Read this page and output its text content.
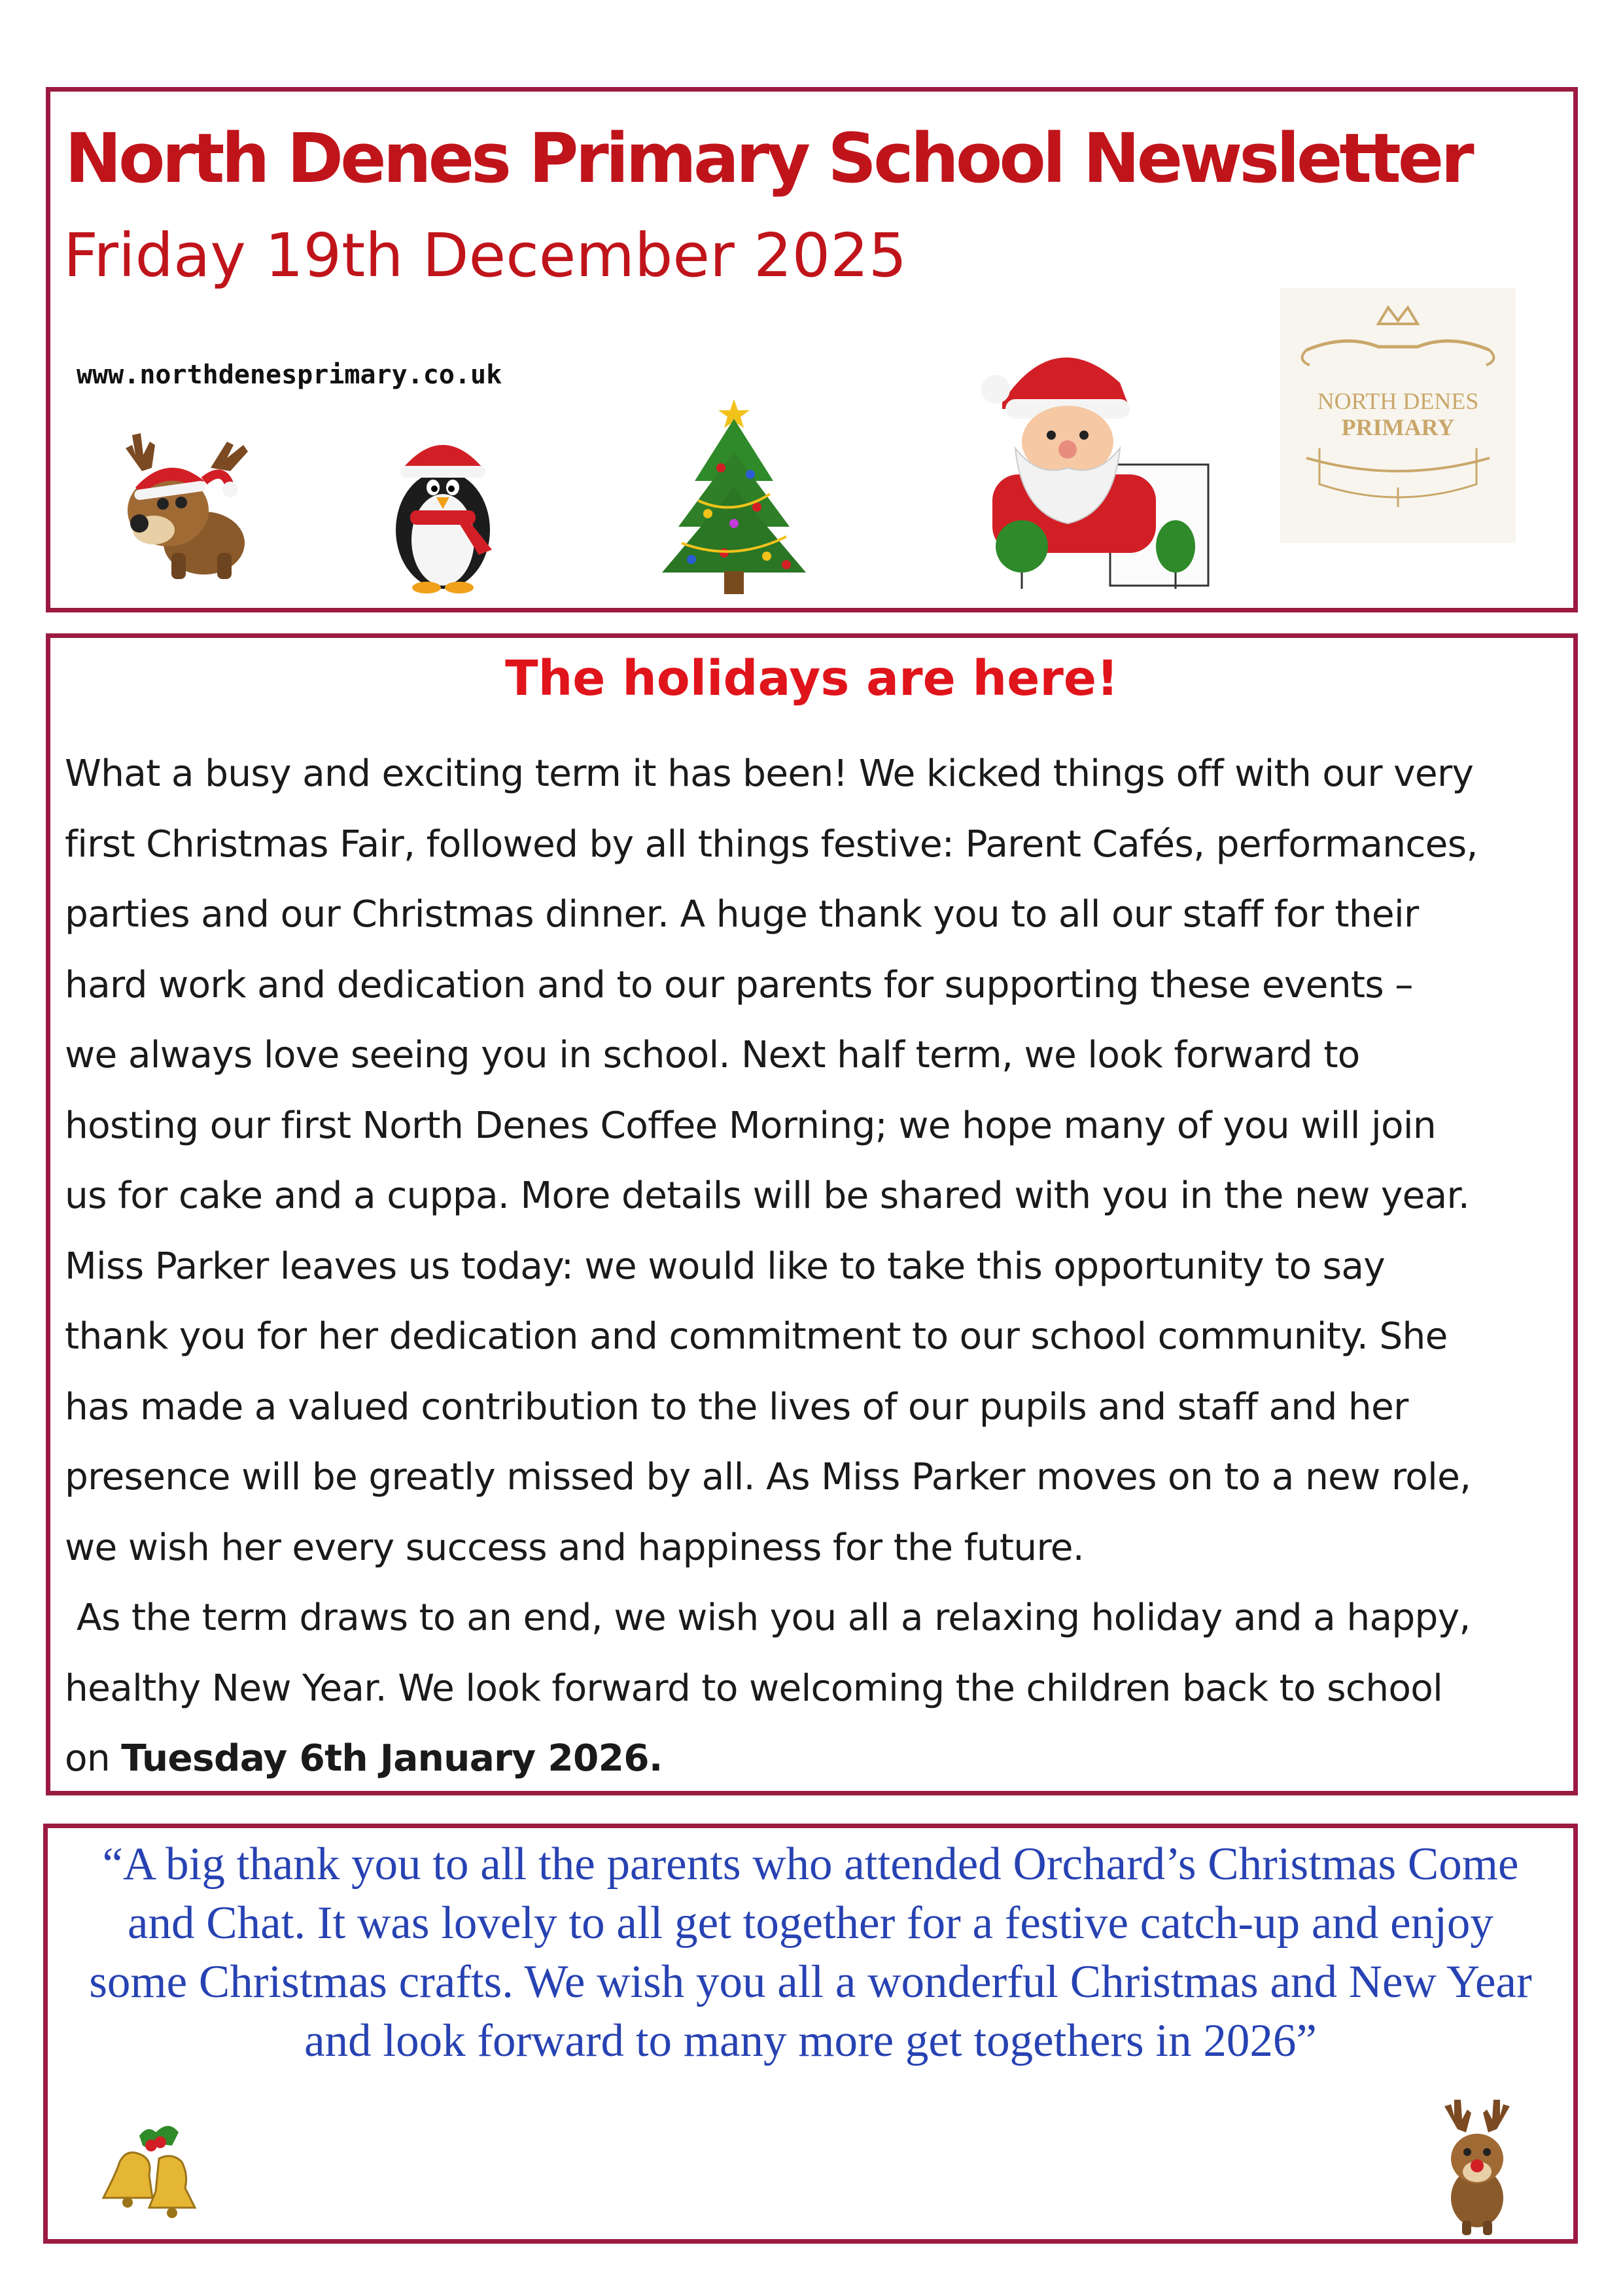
North Denes Primary School Newsletter
Friday 19th December 2025
www.northdenesprimary.co.uk
NORTH DENES
PRIMARY
The holidays are here!

What a busy and exciting term it has been! We kicked things off with our very

first Christmas Fair, followed by all things festive: Parent Cafés, performances,

parties and our Christmas dinner. A huge thank you to all our staff for their

hard work and dedication and to our parents for supporting these events –

we always love seeing you in school. Next half term, we look forward to

hosting our first North Denes Coffee Morning; we hope many of you will join

us for cake and a cuppa. More details will be shared with you in the new year.

Miss Parker leaves us today: we would like to take this opportunity to say

thank you for her dedication and commitment to our school community. She

has made a valued contribution to the lives of our pupils and staff and her

presence will be greatly missed by all. As Miss Parker moves on to a new role,

we wish her every success and happiness for the future.

As the term draws to an end, we wish you all a relaxing holiday and a happy,

healthy New Year. We look forward to welcoming the children back to school

on Tuesday 6th January 2026.

“A big thank you to all the parents who attended Orchard’s Christmas Come and Chat. It was lovely to all get together for a festive catch-up and enjoy some Christmas crafts. We wish you all a wonderful Christmas and New Year and look forward to many more get togethers in 2026”
